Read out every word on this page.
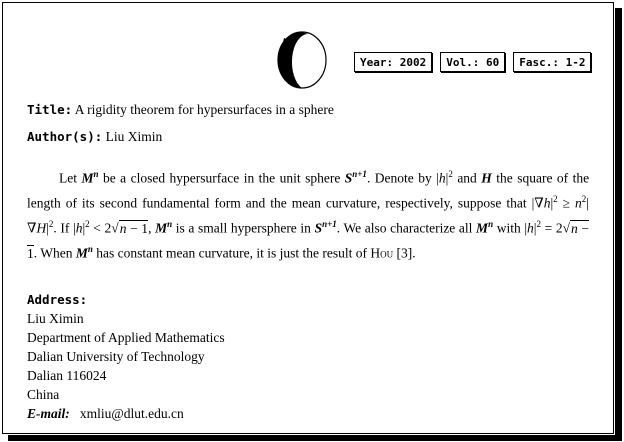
Year: 2002	Vol.: 60	Fasc.: 1-2
Title: A rigidity theorem for hypersurfaces in a sphere
Author(s): Liu Ximin

Let $M^n$ be a closed hypersurface in the unit sphere $S^{n+1}$. Denote by $|h|^2$ and H the square of the length of its second fundamental form and the mean curvature, respectively, suppose that $|\nabla h|^2 \ge n^2|\nabla H|^2$. If $|h|^2 < 2√n - 1$, $M^n$ is a small hypersphere in $S^{n+1}$. We also characterize all $M^n$ with $|h|^2 = 2√n - 1$. When $M^n$ has constant mean curvature, it is just the result of Hou [3].

Address:
Liu Ximin
Department of Applied Mathematics
Dalian University of Technology
Dalian 116024
China
E-mail: xmliu@dlut.edu.cn
